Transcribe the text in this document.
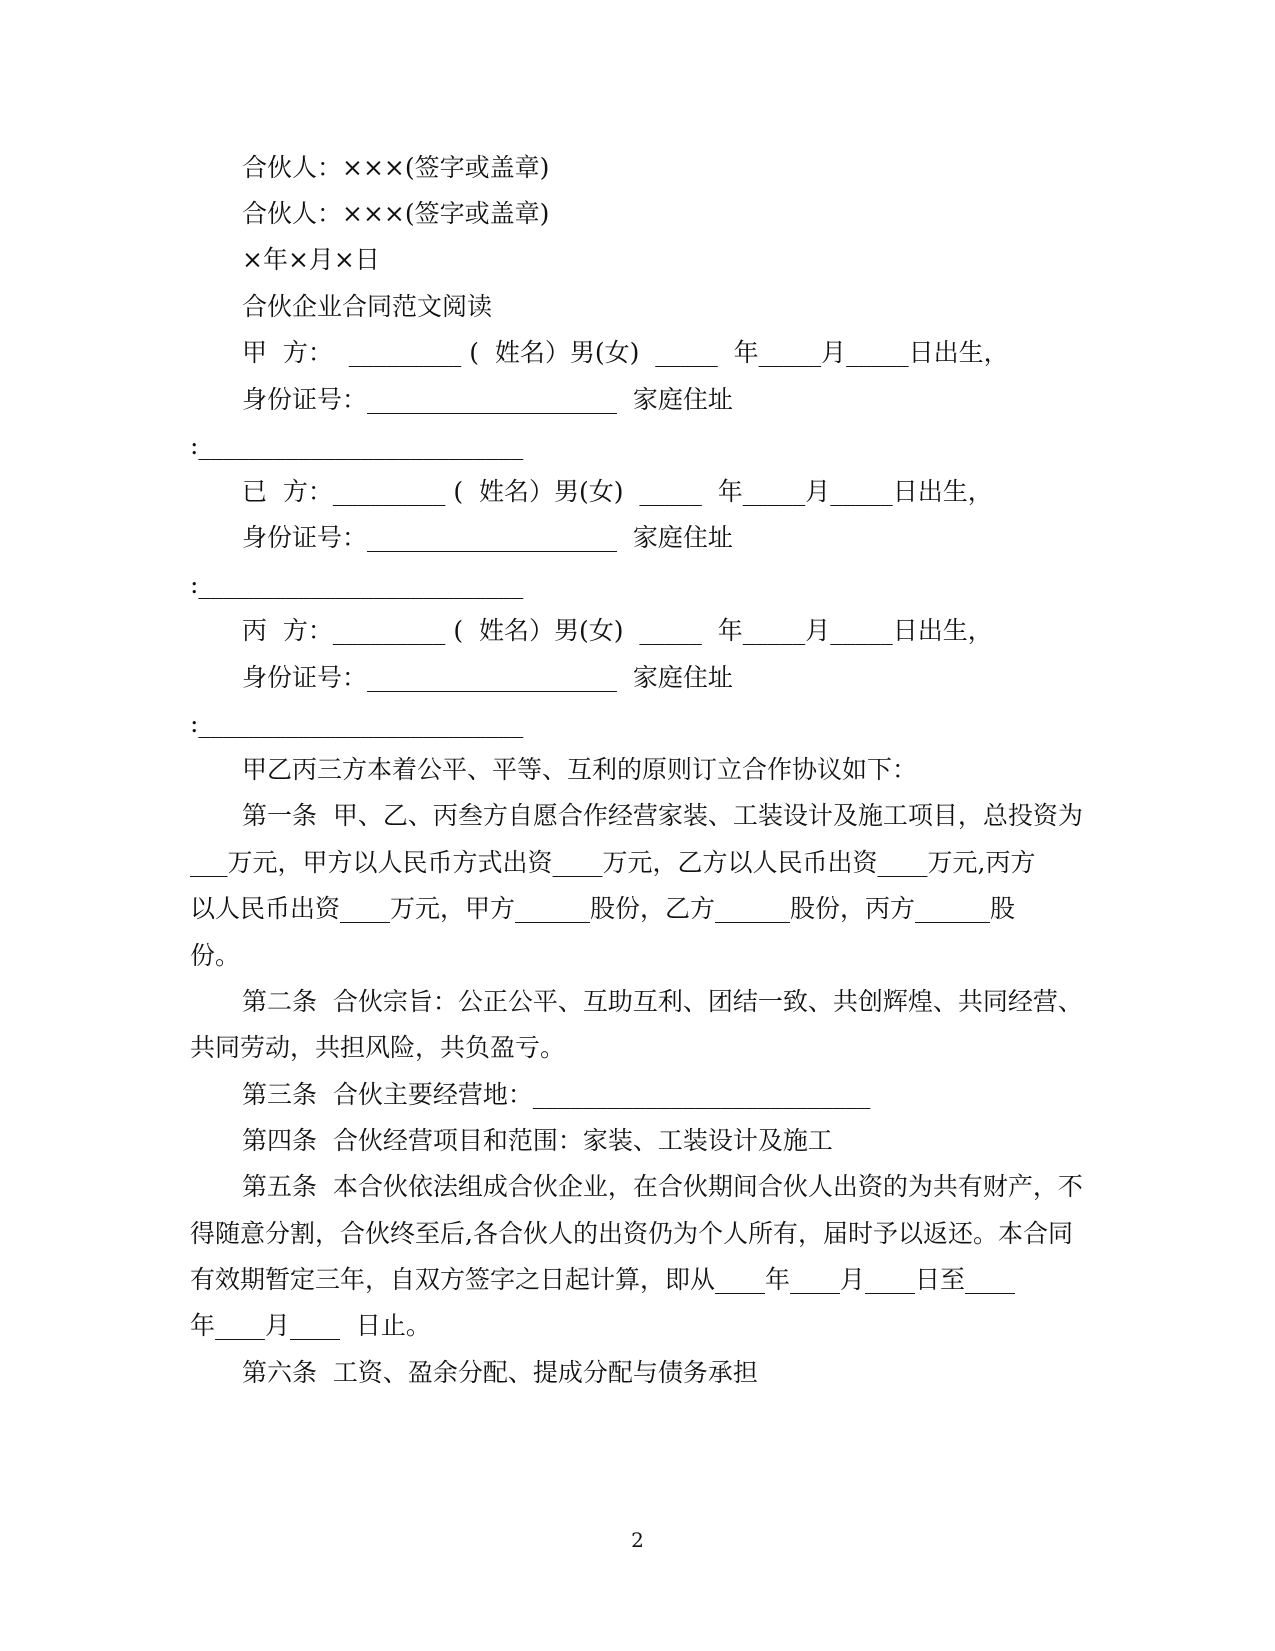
合伙人：×××(签字或盖章)
合伙人：×××(签字或盖章)
×年×月×日
合伙企业合同范文阅读
甲  方：  _________ (  姓名）男(女)  _____  年_____月_____日出生，
身份证号：____________________  家庭住址
:__________________________
已  方：_________ (  姓名）男(女)  _____  年_____月_____日出生，
身份证号：____________________  家庭住址
:__________________________
丙  方：_________ (  姓名）男(女)  _____  年_____月_____日出生，
身份证号：____________________  家庭住址
:__________________________
甲乙丙三方本着公平、平等、互利的原则订立合作协议如下：
第一条  甲、乙、丙叁方自愿合作经营家装、工装设计及施工项目，总投资为
___万元，甲方以人民币方式出资____万元，乙方以人民币出资____万元,丙方
以人民币出资____万元，甲方______股份，乙方______股份，丙方______股
份。
第二条  合伙宗旨：公正公平、互助互利、团结一致、共创辉煌、共同经营、
共同劳动，共担风险，共负盈亏。
第三条  合伙主要经营地：___________________________
第四条  合伙经营项目和范围：家装、工装设计及施工
第五条  本合伙依法组成合伙企业，在合伙期间合伙人出资的为共有财产，不
得随意分割，合伙终至后,各合伙人的出资仍为个人所有，届时予以返还。本合同
有效期暂定三年，自双方签字之日起计算，即从____年____月____日至____
年____月____  日止。
第六条  工资、盈余分配、提成分配与债务承担
2
